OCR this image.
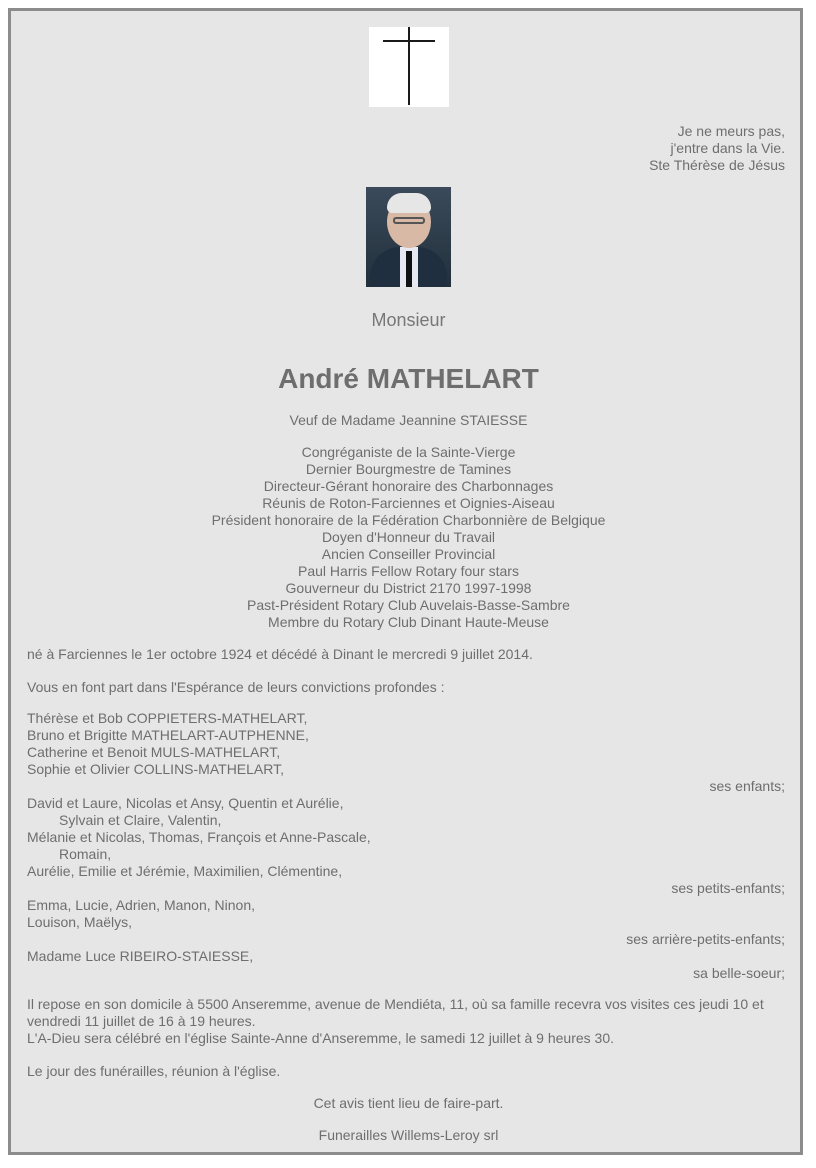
Je ne meurs pas,
j'entre dans la Vie.
Ste Thérèse de Jésus
Monsieur
André MATHELART
Veuf de Madame Jeannine STAIESSE
Congréganiste de la Sainte-Vierge
Dernier Bourgmestre de Tamines
Directeur-Gérant honoraire des Charbonnages
Réunis de Roton-Farciennes et Oignies-Aiseau
Président honoraire de la Fédération Charbonnière de Belgique
Doyen d'Honneur du Travail
Ancien Conseiller Provincial
Paul Harris Fellow Rotary four stars
Gouverneur du District 2170 1997-1998
Past-Président Rotary Club Auvelais-Basse-Sambre
Membre du Rotary Club Dinant Haute-Meuse
né à Farciennes le 1er octobre 1924 et décédé à Dinant le mercredi 9 juillet 2014.
Vous en font part dans l'Espérance de leurs convictions profondes :
Thérèse et Bob COPPIETERS-MATHELART,
Bruno et Brigitte MATHELART-AUTPHENNE,
Catherine et Benoit MULS-MATHELART,
Sophie et Olivier COLLINS-MATHELART,
ses enfants;
David et Laure, Nicolas et Ansy, Quentin et Aurélie,
Sylvain et Claire, Valentin,
Mélanie et Nicolas, Thomas, François et Anne-Pascale,
Romain,
Aurélie, Emilie et Jérémie, Maximilien, Clémentine,
ses petits-enfants;
Emma, Lucie, Adrien, Manon, Ninon,
Louison, Maëlys,
ses arrière-petits-enfants;
Madame Luce RIBEIRO-STAIESSE,
sa belle-soeur;
Il repose en son domicile à 5500 Anseremme, avenue de Mendiéta, 11, où sa famille recevra vos visites ces jeudi 10 et vendredi 11 juillet de 16 à 19 heures.
L'A-Dieu sera célébré en l'église Sainte-Anne d'Anseremme, le samedi 12 juillet à 9 heures 30.
Le jour des funérailles, réunion à l'église.
Cet avis tient lieu de faire-part.
Funerailles Willems-Leroy srl
